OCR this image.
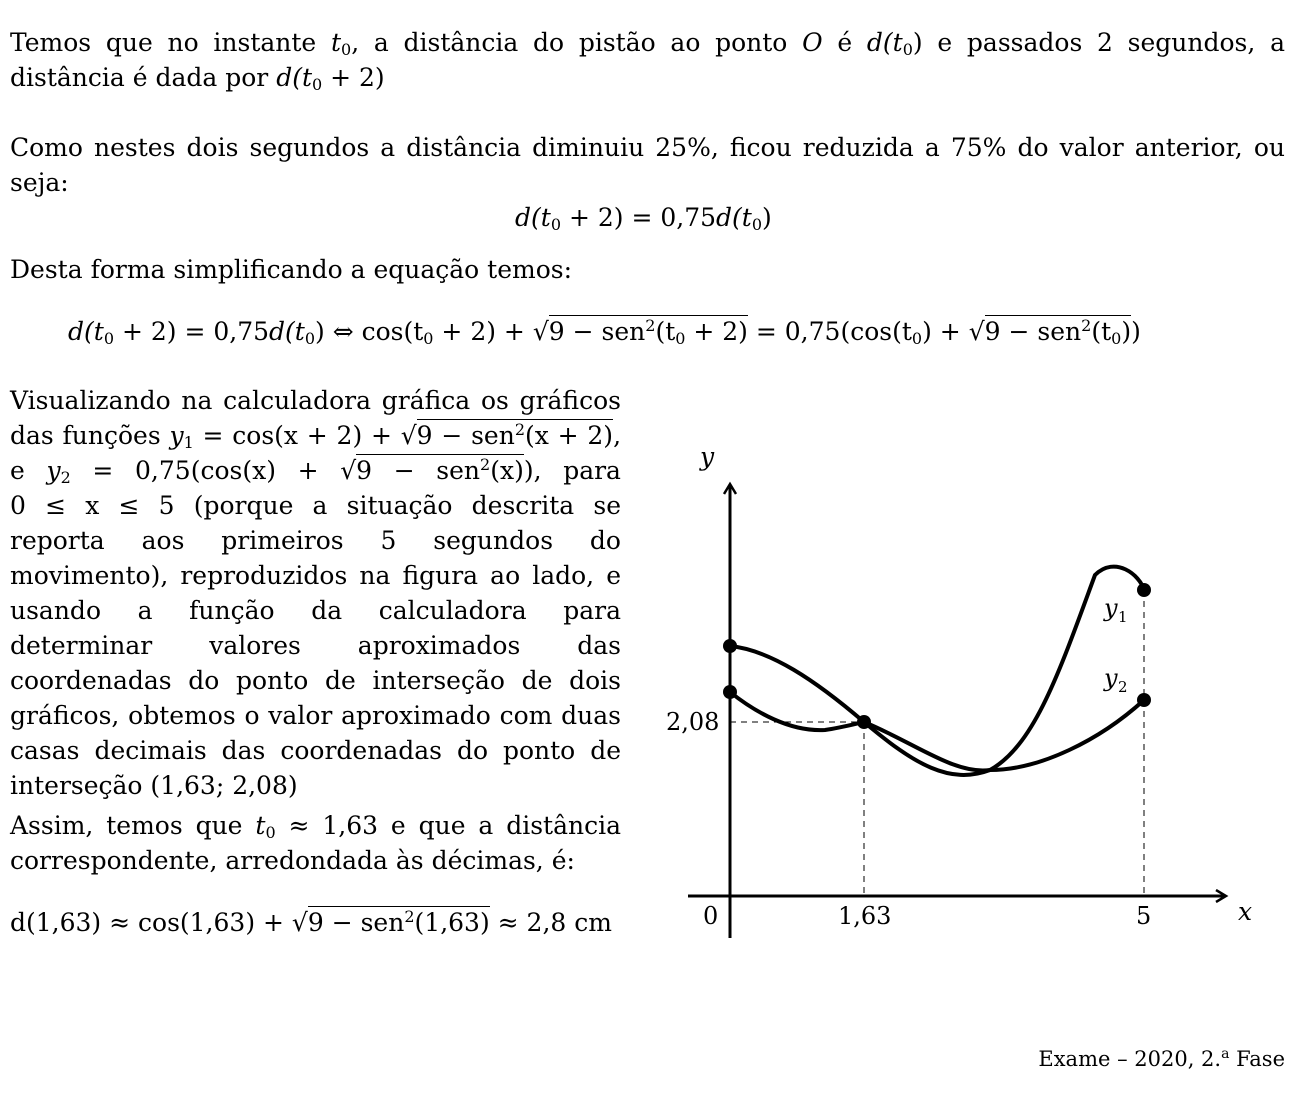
Temos que no instante $t_0$, a distância do pistão ao ponto O é $d(t_0)$ e passados 2 segundos, a distância é dada por $d(t_0 + 2)$

Como nestes dois segundos a distância diminuiu 25%, ficou reduzida a 75% do valor anterior, ou seja:

$d(t_0 + 2) = 0,75d(t_0)$

Desta forma simplificando a equação temos:

$d(t_0 + 2) = 0,75d(t_0)$ ⇔ $\cos(t_0 + 2) + √9 - sen^2(t_0 + 2) = 0,75(\cos(t_0) + √9 - sen^2(t_0))$

Visualizando na calculadora gráfica os gráficos das funções $y_1 = \cos(x + 2) + √9 - sen^2(x + 2)$, e $y_2 = 0,75(\cos(x) + √9 - sen^2(x))$, para 0 ≤ x ≤ 5 (porque a situação descrita se reporta aos primeiros 5 segundos do movimento), reproduzidos na figura ao lado, e usando a função da calculadora para determinar valores aproximados das coordenadas do ponto de interseção de dois gráficos, obtemos o valor aproximado com duas casas decimais das coordenadas do ponto de interseção (1,63; 2,08)

Assim, temos que $t_0 \approx 1,63$ e que a distância correspondente, arredondada às décimas, é:

d(1,63) ≈ cos(1,63) + √9 − sen$^2$(1,63) ≈ 2,8 cm
y
x
0	1,63	5
2,08
y 1
y 2
Exame – 2020, 2.$^a$ Fase
